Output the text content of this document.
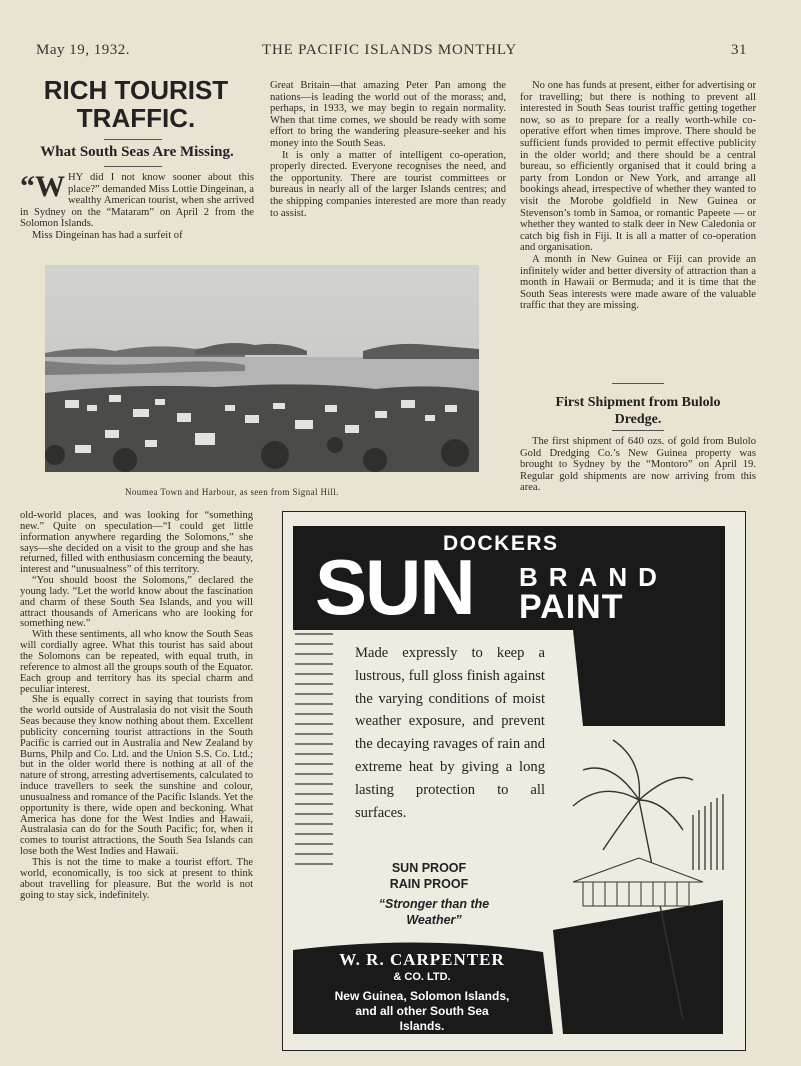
May 19, 1932.	THE PACIFIC ISLANDS MONTHLY	31
RICH TOURIST
TRAFFIC.
What South Seas Are Missing.

“WHY did I not know sooner about this place?” demanded Miss Lottie Dingeinan, a wealthy American tourist, when she arrived in Sydney on the “Mataram” on April 2 from the Solomon Islands.

Miss Dingeinan has had a surfeit of

Great Britain—that amazing Peter Pan among the nations—is leading the world out of the morass; and, perhaps, in 1933, we may begin to regain normality. When that time comes, we should be ready with some effort to bring the wandering pleasure-seeker and his money into the South Seas.

It is only a matter of intelligent co-operation, properly directed. Everyone recognises the need, and the opportunity. There are tourist committees or bureaus in nearly all of the larger Islands centres; and the shipping companies interested are more than ready to assist.

No one has funds at present, either for advertising or for travelling; but there is nothing to prevent all interested in South Seas tourist traffic getting together now, so as to prepare for a really worth-while co-operative effort when times improve. There should be sufficient funds provided to permit effective publicity in the older world; and there should be a central bureau, so efficiently organised that it could bring a party from London or New York, and arrange all bookings ahead, irrespective of whether they wanted to visit the Morobe goldfield in New Guinea or Stevenson’s tomb in Samoa, or romantic Papeete — or whether they wanted to stalk deer in New Caledonia or catch big fish in Fiji. It is all a matter of co-operation and organisation.

A month in New Guinea or Fiji can provide an infinitely wider and better diversity of attraction than a month in Hawaii or Bermuda; and it is time that the South Seas interests were made aware of the valuable traffic that they are missing.

Noumea Town and Harbour, as seen from Signal Hill.
First Shipment from Bulolo
Dredge.

The first shipment of 640 ozs. of gold from Bulolo Gold Dredging Co.’s New Guinea property was brought to Sydney by the “Montoro” on April 19. Regular gold shipments are now arriving from this area.

old-world places, and was looking for “something new.” Quite on speculation—“I could get little information anywhere regarding the Solomons,” she says—she decided on a visit to the group and she has returned, filled with enthusiasm concerning the beauty, interest and “unusualness” of this territory.

“You should boost the Solomons,” declared the young lady. “Let the world know about the fascination and charm of these South Sea Islands, and you will attract thousands of Americans who are looking for something new.”

With these sentiments, all who know the South Seas will cordially agree. What this tourist has said about the Solomons can be repeated, with equal truth, in reference to almost all the groups south of the Equator. Each group and territory has its special charm and peculiar interest.

She is equally correct in saying that tourists from the world outside of Australasia do not visit the South Seas because they know nothing about them. Excellent publicity concerning tourist attractions in the South Pacific is carried out in Australia and New Zealand by Burns, Philp and Co. Ltd. and the Union S.S. Co. Ltd.; but in the older world there is nothing at all of the nature of strong, arresting advertisements, calculated to induce travellers to seek the sunshine and colour, unusualness and romance of the Pacific Islands. Yet the opportunity is there, wide open and beckoning. What America has done for the West Indies and Hawaii, Australasia can do for the South Pacific; for, when it comes to tourist attractions, the South Sea Islands can lose both the West Indies and Hawaii.

This is not the time to make a tourist effort. The world, economically, is too sick at present to think about travelling for pleasure. But the world is not going to stay sick, indefinitely.

DOCKERS
SUN BRAND
PAINT
Made expressly to keep a lustrous, full gloss finish against the varying conditions of moist weather exposure, and prevent the decaying ravages of rain and extreme heat by giving a long lasting protection to all surfaces.
SUN PROOF
RAIN PROOF
“Stronger than the
Weather”
W. R. CARPENTER
& CO. LTD.
New Guinea, Solomon Islands,
and all other South Sea
Islands.
